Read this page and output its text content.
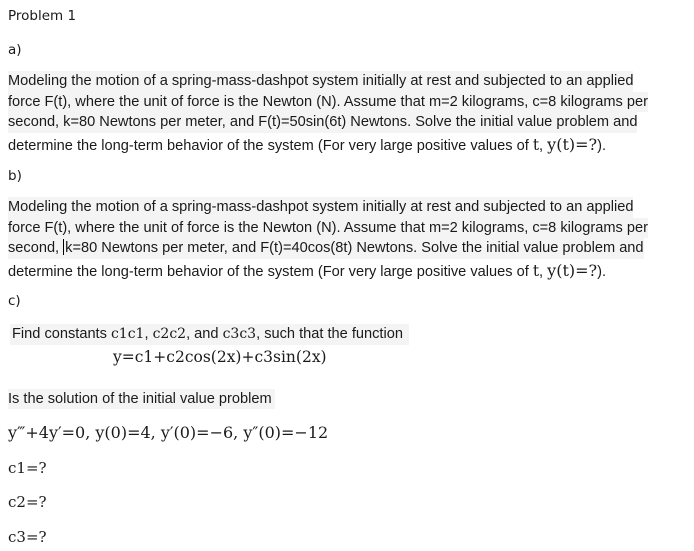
Problem 1
a)
Modeling the motion of a spring-mass-dashpot system initially at rest and subjected to an applied
force F(t), where the unit of force is the Newton (N). Assume that m=2 kilograms, c=8 kilograms per
second, k=80 Newtons per meter, and F(t)=50sin(6t) Newtons. Solve the initial value problem and
determine the long-term behavior of the system (For very large positive values of t, y(t)=?).
b)
Modeling the motion of a spring-mass-dashpot system initially at rest and subjected to an applied
force F(t), where the unit of force is the Newton (N). Assume that m=2 kilograms, c=8 kilograms per
second, k=80 Newtons per meter, and F(t)=40cos(8t) Newtons. Solve the initial value problem and
determine the long-term behavior of the system (For very large positive values of t, y(t)=?).
c)
Find constants c1c1, c2c2, and c3c3, such that the function
y=c1+c2cos(2x)+c3sin(2x)
Is the solution of the initial value problem
y‴+4y′=0, y(0)=4, y′(0)=−6, y″(0)=−12
c1=?
c2=?
c3=?
